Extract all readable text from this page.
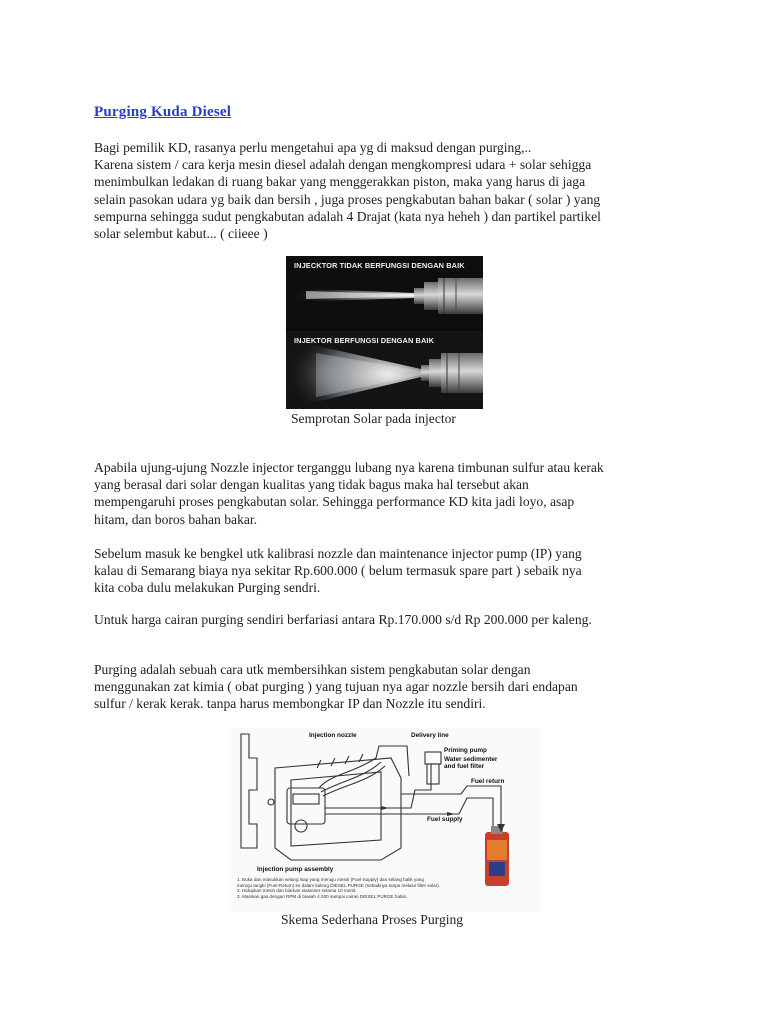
Purging Kuda Diesel
Bagi pemilik KD, rasanya perlu mengetahui apa yg di maksud dengan purging,..
Karena sistem / cara kerja mesin diesel adalah dengan mengkompresi udara + solar sehigga
menimbulkan ledakan di ruang bakar yang menggerakkan piston, maka yang harus di jaga
selain pasokan udara yg baik dan bersih , juga proses pengkabutan bahan bakar ( solar ) yang
sempurna sehingga sudut pengkabutan adalah 4 Drajat (kata nya heheh ) dan partikel partikel
solar selembut kabut... ( ciieee )
INJECKTOR TIDAK BERFUNGSI DENGAN BAIK
INJEKTOR BERFUNGSI DENGAN BAIK
Semprotan Solar pada injector
Apabila ujung-ujung Nozzle injector terganggu lubang nya karena timbunan sulfur atau kerak
yang berasal dari solar dengan kualitas yang tidak bagus maka hal tersebut akan
mempengaruhi proses pengkabutan solar. Sehingga performance KD kita jadi loyo, asap
hitam, dan boros bahan bakar.
Sebelum masuk ke bengkel utk kalibrasi nozzle dan maintenance injector pump (IP) yang
kalau di Semarang biaya nya sekitar Rp.600.000 ( belum termasuk spare part ) sebaik nya
kita coba dulu melakukan Purging sendri.
Untuk harga cairan purging sendiri berfariasi antara Rp.170.000 s/d Rp 200.000 per kaleng.
Purging adalah sebuah cara utk membersihkan sistem pengkabutan solar dengan
menggunakan zat kimia ( obat purging ) yang tujuan nya agar nozzle bersih dari endapan
sulfur / kerak kerak. tanpa harus membongkar IP dan Nozzle itu sendiri.
Injection nozzle	Delivery line
Priming pump
Water sedimenter
and fuel filter
Fuel return
Fuel supply
Injection pump assembly
1. Buka dan masukkan selang isap yang menuju mesin (Fuel-Supply) dan selang balik yang
menuju tangki (Fuel-Return) ke dalam kaleng DIESEL PURGE (sebaiknya tanpa melalui filter solar).
2. Hidupkan mesin dan biarkan stasioner selama 10 menit.
3. Mainkan gas dengan RPM di bawah 4.000 sampai cairan DIESEL PURGE habis.
Skema Sederhana Proses Purging
